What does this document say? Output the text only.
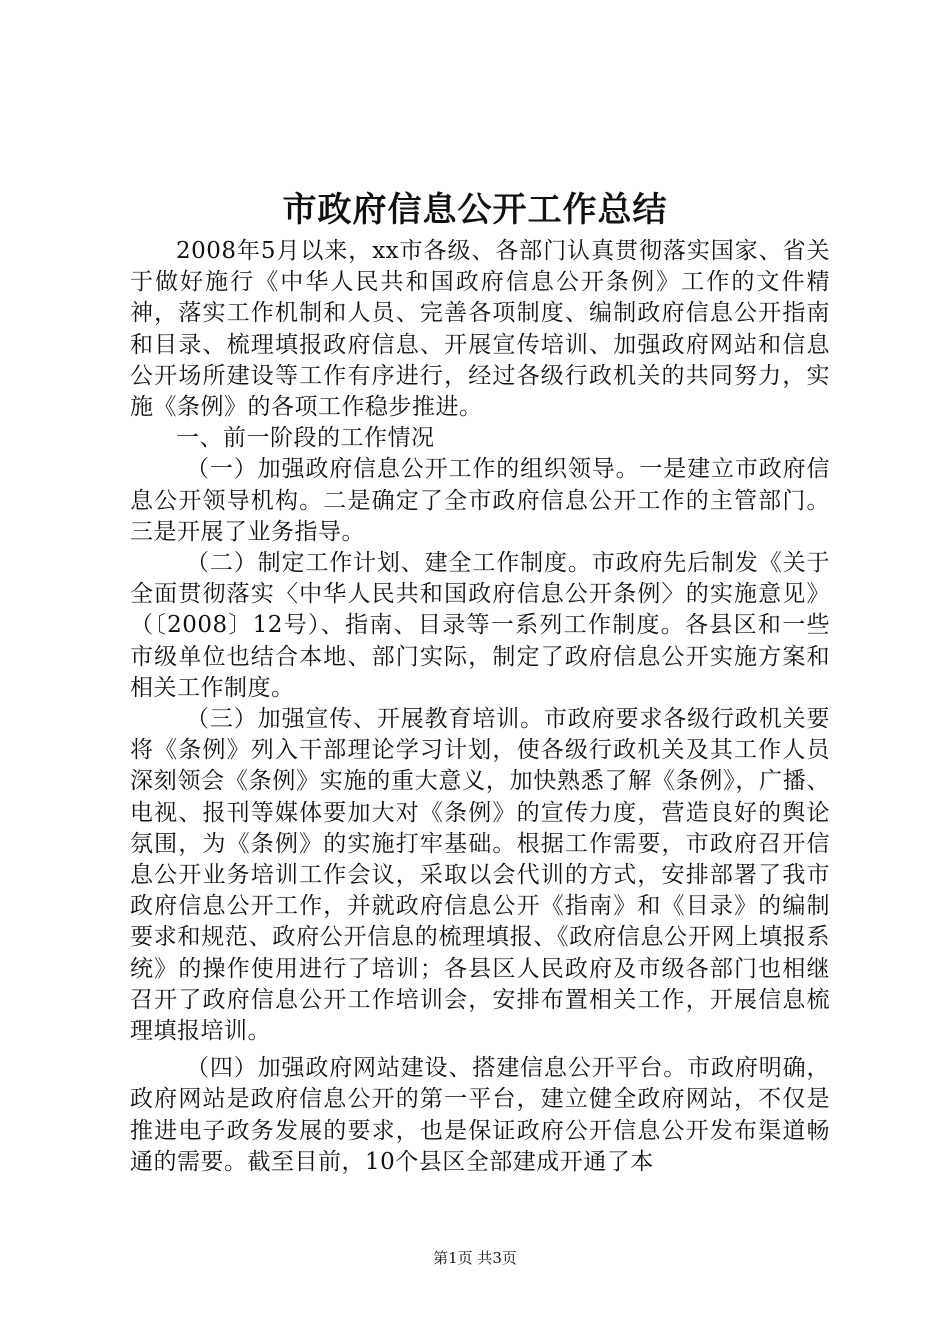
市政府信息公开工作总结

2008年5月以来，xx市各级、各部门认真贯彻落实国家、省关于做好施行《中华人民共和国政府信息公开条例》工作的文件精神，落实工作机制和人员、完善各项制度、编制政府信息公开指南和目录、梳理填报政府信息、开展宣传培训、加强政府网站和信息公开场所建设等工作有序进行，经过各级行政机关的共同努力，实施《条例》的各项工作稳步推进。

一、前一阶段的工作情况

（一）加强政府信息公开工作的组织领导。一是建立市政府信息公开领导机构。二是确定了全市政府信息公开工作的主管部门。三是开展了业务指导。

（二）制定工作计划、建全工作制度。市政府先后制发《关于全面贯彻落实〈中华人民共和国政府信息公开条例〉的实施意见》（〔2008〕12号）、指南、目录等一系列工作制度。各县区和一些市级单位也结合本地、部门实际，制定了政府信息公开实施方案和相关工作制度。

（三）加强宣传、开展教育培训。市政府要求各级行政机关要将《条例》列入干部理论学习计划，使各级行政机关及其工作人员深刻领会《条例》实施的重大意义，加快熟悉了解《条例》，广播、电视、报刊等媒体要加大对《条例》的宣传力度，营造良好的舆论氛围，为《条例》的实施打牢基础。根据工作需要，市政府召开信息公开业务培训工作会议，采取以会代训的方式，安排部署了我市政府信息公开工作，并就政府信息公开《指南》和《目录》的编制要求和规范、政府公开信息的梳理填报、《政府信息公开网上填报系统》的操作使用进行了培训；各县区人民政府及市级各部门也相继召开了政府信息公开工作培训会，安排布置相关工作，开展信息梳理填报培训。

（四）加强政府网站建设、搭建信息公开平台。市政府明确，政府网站是政府信息公开的第一平台，建立健全政府网站，不仅是推进电子政务发展的要求，也是保证政府公开信息公开发布渠道畅通的需要。截至目前，10个县区全部建成开通了本

第1页 共3页
